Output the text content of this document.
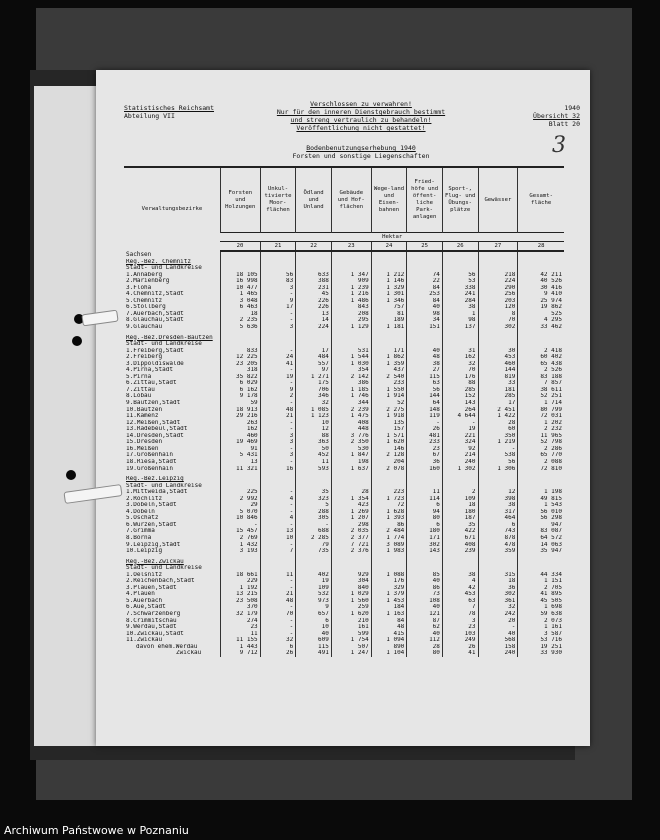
Statistisches Reichsamt
Abteilung VII
Verschlossen zu verwahren!
Nur für den inneren Dienstgebrauch bestimmt
und streng vertraulich zu behandeln!
Veröffentlichung nicht gestattet!
1940
Übersicht 32
Blatt 20
3
Bodenbenutzungserhebung 1940
Forsten und sonstige Liegenschaften
Verwaltungsbezirke	Forsten und Holzungen	Unkul-tivierte Moor-flächen	Ödland und Unland	Gebäude und Hof-flächen	Wege-land und Eisen-bahnen	Fried-höfe und öffent-liche Park-anlagen	Sport-, Flug- und Übungs-plätze	Gewässer	Gesamt-fläche
	Hektar								
	20	21	22	23	24	25	26	27	28
Sachsen									
Reg.-Bez. Chemnitz									
Stadt- und Landkreise									
1.Annaberg	18 105	56	633	1 347	1 212	74	56	218	42 211
2.Marienberg	16 998	83	388	909	1 146	22	53	224	40 526
3.Flöha	10 477	3	231	1 239	1 329	84	338	290	30 416
4.Chemnitz,Stadt	1 465	-	45	1 216	1 301	253	241	256	9 410
5.Chemnitz	3 048	9	226	1 486	1 346	84	284	203	25 974
6.Stollberg	6 463	17	226	843	757	40	38	120	19 862
7.Auerbach,Stadt	18	-	13	208	81	98	1	8	525
8.Glauchau,Stadt	2 235	-	14	295	189	34	98	70	4 295
9.Glauchau	5 636	3	224	1 129	1 181	151	137	302	33 462

Reg.-Bez.Dresden-Bautzen									
Stadt- und Landkreise									
1.Freiberg,Stadt	833	-	17	531	171	40	31	30	2 418
2.Freiberg	12 225	24	484	1 544	1 862	48	162	453	60 402
3.Dippoldiswalde	23 205	41	557	1 030	1 359	38	32	460	65 438
4.Pirna,Stadt	318	-	97	354	437	27	70	144	2 526
5.Pirna	35 822	19	1 271	2 142	2 540	115	176	819	83 188
6.Zittau,Stadt	6 029	-	175	386	233	63	88	33	7 857
7.Zittau	6 162	9	706	1 185	1 550	56	285	181	38 611
8.Löbau	9 178	2	346	1 746	1 914	144	152	285	52 251
9.Bautzen,Stadt	59	-	32	344	52	64	143	17	1 714
10.Bautzen	18 913	48	1 085	2 239	2 275	148	264	2 451	80 799
11.Kamenz	29 216	21	1 123	1 475	1 918	119	4 644	1 422	72 031
12.Meißen,Stadt	263	-	10	408	135	-	-	28	1 202
13.Radebeul,Stadt	162	-	12	448	157	26	19	60	2 232
14.Dresden,Stadt	460	3	88	3 776	1 571	481	221	350	11 965
15.Dresden	19 469	3	363	2 350	1 620	233	324	1 219	52 798
16.Meißen	91	-	50	530	146	23	92	-	2 286
17.Großenhain	5 431	3	452	1 847	2 128	67	214	538	65 770
18.Riesa,Stadt	13	-	11	198	204	36	240	56	2 088
19.Großenhain	11 321	16	593	1 637	2 078	160	1 302	1 306	72 810

Reg.-Bez.Leipzig									
Stadt- und Landkreise									
1.Mittweida,Stadt	225	-	35	28	223	11	2	12	1 198
2.Rochlitz	2 992	4	323	1 354	1 723	114	109	398	49 815
3.Döbeln,Stadt	29	-	5	423	72	6	18	38	1 543
4.Döbeln	5 070	-	288	1 269	1 628	94	180	317	56 010
5.Oschatz	10 846	4	305	1 207	1 393	80	187	464	56 298
6.Wurzen,Stadt	-	-	-	298	86	6	35	6	947
7.Grimma	15 457	13	688	2 035	2 484	180	422	743	83 087
8.Borna	2 769	10	2 285	2 377	1 774	171	671	878	64 572
9.Leipzig,Stadt	1 432	-	79	7 721	3 089	302	408	478	14 063
10.Leipzig	3 193	7	735	2 376	1 983	143	239	359	35 947

Reg.-Bez.Zwickau									
Stadt- und Landkreise									
1.Oelsnitz	18 661	11	402	929	1 088	85	38	315	44 334
2.Reichenbach,Stadt	229	-	19	304	176	40	4	18	1 151
3.Plauen,Stadt	1 192	-	109	840	329	86	42	36	2 705
4.Plauen	13 215	21	532	1 029	1 379	73	453	302	41 895
5.Auerbach	23 508	48	973	1 560	1 453	108	63	361	45 505
6.Aue,Stadt	370	-	9	259	184	40	7	32	1 698
7.Schwarzenberg	32 179	70	657	1 620	1 163	121	78	242	59 638
8.Crimmitschau	274	-	6	210	84	87	3	20	2 073
9.Werdau,Stadt	23	-	10	161	48	62	23	-	1 161
10.Zwickau,Stadt	11	-	40	599	415	40	103	40	3 587
11.Zwickau	11 155	32	609	1 754	1 094	112	249	568	53 716
davon ehem.Werdau	1 443	6	115	507	890	28	26	158	19 251
Zwickau	9 712	26	491	1 247	1 104	80	41	240	33 930
Archiwum Państwowe w Poznaniu
